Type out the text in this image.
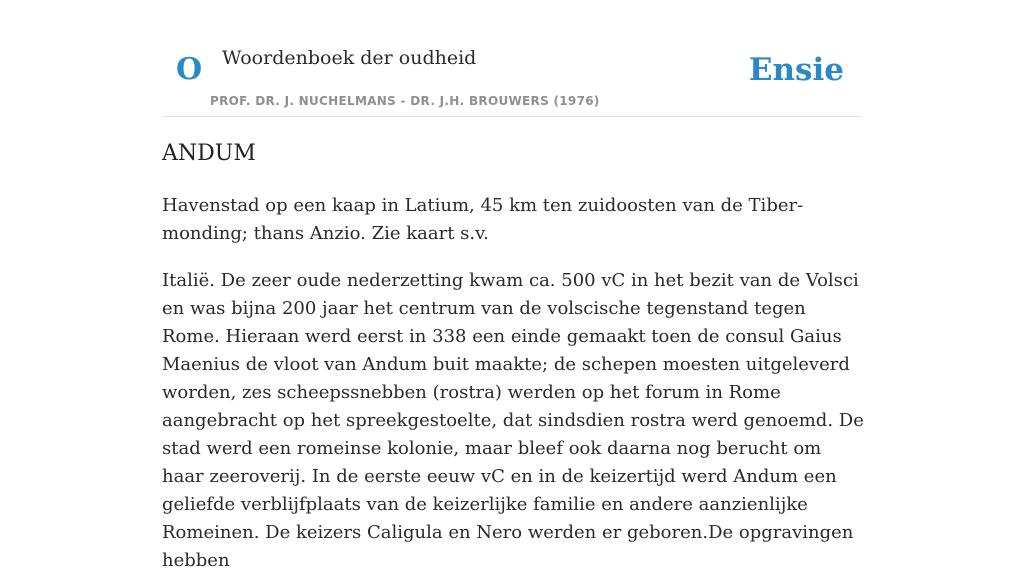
O Woordenboek der oudheid
PROF. DR. J. NUCHELMANS - DR. J.H. BROUWERS (1976)
Ensie
ANDUM

Havenstad op een kaap in Latium, 45 km ten zuidoosten van de Tiber-monding; thans Anzio. Zie kaart s.v.

Italië. De zeer oude nederzetting kwam ca. 500 vC in het bezit van de Volsci en was bijna 200 jaar het centrum van de volscische tegenstand tegen Rome. Hieraan werd eerst in 338 een einde gemaakt toen de consul Gaius Maenius de vloot van Andum buit maakte; de schepen moesten uitgeleverd worden, zes scheepssnebben (rostra) werden op het forum in Rome aangebracht op het spreekgestoelte, dat sindsdien rostra werd genoemd. De stad werd een romeinse kolonie, maar bleef ook daarna nog berucht om haar zeeroverij. In de eerste eeuw vC en in de keizertijd werd Andum een geliefde verblijfplaats van de keizerlijke familie en andere aanzienlijke Romeinen. De keizers Caligula en Nero werden er geboren.De opgravingen hebben
